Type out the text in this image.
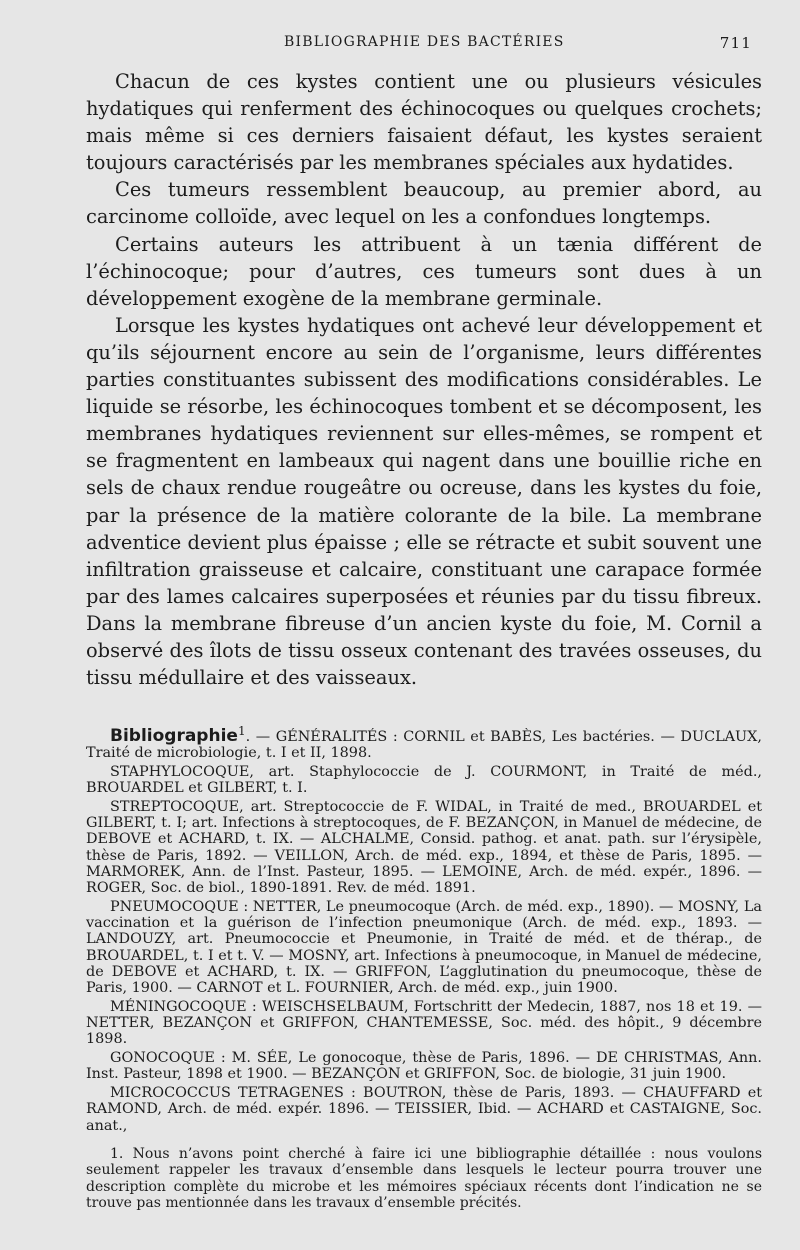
BIBLIOGRAPHIE DES BACTÉRIES	711

Chacun de ces kystes contient une ou plusieurs vésicules hydatiques qui renferment des échinocoques ou quelques crochets; mais même si ces derniers faisaient défaut, les kystes seraient toujours caractérisés par les membranes spéciales aux hydatides.

Ces tumeurs ressemblent beaucoup, au premier abord, au carcinome colloïde, avec lequel on les a confondues longtemps.

Certains auteurs les attribuent à un tænia différent de l’échinocoque; pour d’autres, ces tumeurs sont dues à un développement exogène de la membrane germinale.

Lorsque les kystes hydatiques ont achevé leur développement et qu’ils séjournent encore au sein de l’organisme, leurs différentes parties constituantes subissent des modifications considérables. Le liquide se résorbe, les échinocoques tombent et se décomposent, les membranes hydatiques reviennent sur elles-mêmes, se rompent et se fragmentent en lambeaux qui nagent dans une bouillie riche en sels de chaux rendue rougeâtre ou ocreuse, dans les kystes du foie, par la présence de la matière colorante de la bile. La membrane adventice devient plus épaisse ; elle se rétracte et subit souvent une infiltration graisseuse et calcaire, constituant une carapace formée par des lames calcaires superposées et réunies par du tissu fibreux. Dans la membrane fibreuse d’un ancien kyste du foie, M. Cornil a observé des îlots de tissu osseux contenant des travées osseuses, du tissu médullaire et des vaisseaux.

Bibliographie$^1$. — GÉNÉRALITÉS : CORNIL et BABÈS, Les bactéries. — DUCLAUX, Traité de microbiologie, t. I et II, 1898.

STAPHYLOCOQUE, art. Staphylococcie de J. COURMONT, in Traité de méd., BROUARDEL et GILBERT, t. I.

STREPTOCOQUE, art. Streptococcie de F. WIDAL, in Traité de med., BROUARDEL et GILBERT, t. I; art. Infections à streptocoques, de F. BEZANÇON, in Manuel de médecine, de DEBOVE et ACHARD, t. IX. — ALCHALME, Consid. pathog. et anat. path. sur l’érysipèle, thèse de Paris, 1892. — VEILLON, Arch. de méd. exp., 1894, et thèse de Paris, 1895. — MARMOREK, Ann. de l’Inst. Pasteur, 1895. — LEMOINE, Arch. de méd. expér., 1896. — ROGER, Soc. de biol., 1890-1891. Rev. de méd. 1891.

PNEUMOCOQUE : NETTER, Le pneumocoque (Arch. de méd. exp., 1890). — MOSNY, La vaccination et la guérison de l’infection pneumonique (Arch. de méd. exp., 1893. — LANDOUZY, art. Pneumococcie et Pneumonie, in Traité de méd. et de thérap., de BROUARDEL, t. I et t. V. — MOSNY, art. Infections à pneumocoque, in Manuel de médecine, de DEBOVE et ACHARD, t. IX. — GRIFFON, L’agglutination du pneumocoque, thèse de Paris, 1900. — CARNOT et L. FOURNIER, Arch. de méd. exp., juin 1900.

MÉNINGOCOQUE : WEISCHSELBAUM, Fortschritt der Medecin, 1887, nos 18 et 19. — NETTER, BEZANÇON et GRIFFON, CHANTEMESSE, Soc. méd. des hôpit., 9 décembre 1898.

GONOCOQUE : M. SÉE, Le gonocoque, thèse de Paris, 1896. — DE CHRISTMAS, Ann. Inst. Pasteur, 1898 et 1900. — BEZANÇON et GRIFFON, Soc. de biologie, 31 juin 1900.

MICROCOCCUS TETRAGENES : BOUTRON, thèse de Paris, 1893. — CHAUFFARD et RAMOND, Arch. de méd. expér. 1896. — TEISSIER, Ibid. — ACHARD et CASTAIGNE, Soc. anat.,

1. Nous n’avons point cherché à faire ici une bibliographie détaillée : nous voulons seulement rappeler les travaux d’ensemble dans lesquels le lecteur pourra trouver une description complète du microbe et les mémoires spéciaux récents dont l’indication ne se trouve pas mentionnée dans les travaux d’ensemble précités.
